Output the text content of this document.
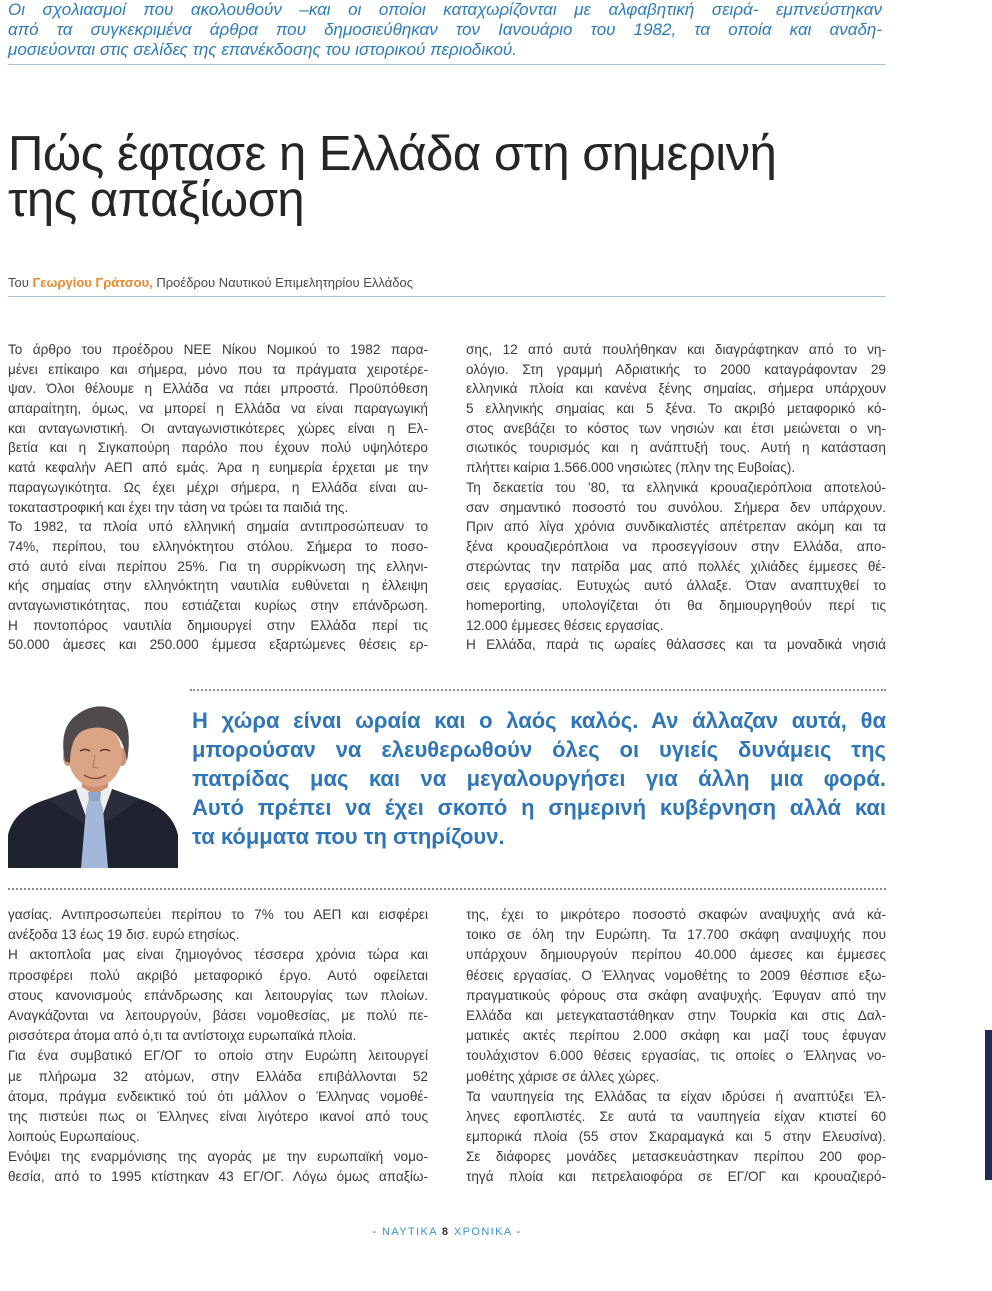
Οι σχολιασμοί που ακολουθούν –και οι οποίοι καταχωρίζονται με αλφαβητική σειρά- εμπνεύστηκαν
από τα συγκεκριμένα άρθρα που δημοσιεύθηκαν τον Ιανουάριο του 1982, τα οποία και αναδη-
μοσιεύονται στις σελίδες της επανέκδοσης του ιστορικού περιοδικού.
Πώς έφτασε η Ελλάδα στη σημερινή
της απαξίωση
Του Γεωργίου Γράτσου, Προέδρου Ναυτικού Επιμελητηρίου Ελλάδος
Το άρθρο του προέδρου ΝΕΕ Νίκου Νομικού το 1982 παρα-
μένει επίκαιρο και σήμερα, μόνο που τα πράγματα χειροτέρε-
ψαν. Όλοι θέλουμε η Ελλάδα να πάει μπροστά. Προϋπόθεση
απαραίτητη, όμως, να μπορεί η Ελλάδα να είναι παραγωγική
και ανταγωνιστική. Οι ανταγωνιστικότερες χώρες είναι η Ελ-
βετία και η Σιγκαπούρη παρόλο που έχουν πολύ υψηλότερο
κατά κεφαλήν ΑΕΠ από εμάς. Άρα η ευημερία έρχεται με την
παραγωγικότητα. Ως έχει μέχρι σήμερα, η Ελλάδα είναι αυ-
τοκαταστροφική και έχει την τάση να τρώει τα παιδιά της.
Το 1982, τα πλοία υπό ελληνική σημαία αντιπροσώπευαν το
74%, περίπου, του ελληνόκτητου στόλου. Σήμερα το ποσο-
στό αυτό είναι περίπου 25%. Για τη συρρίκνωση της ελληνι-
κής σημαίας στην ελληνόκτητη ναυτιλία ευθύνεται η έλλειψη
ανταγωνιστικότητας, που εστιάζεται κυρίως στην επάνδρωση.
Η ποντοπόρος ναυτιλία δημιουργεί στην Ελλάδα περί τις
50.000 άμεσες και 250.000 έμμεσα εξαρτώμενες θέσεις ερ-
σης, 12 από αυτά πουλήθηκαν και διαγράφτηκαν από το νη-
ολόγιο. Στη γραμμή Αδριατικής το 2000 καταγράφονταν 29
ελληνικά πλοία και κανένα ξένης σημαίας, σήμερα υπάρχουν
5 ελληνικής σημαίας και 5 ξένα. Το ακριβό μεταφορικό κό-
στος ανεβάζει το κόστος των νησιών και έτσι μειώνεται ο νη-
σιωτικός τουρισμός και η ανάπτυξή τους. Αυτή η κατάσταση
πλήττει καίρια 1.566.000 νησιώτες (πλην της Ευβοίας).
Τη δεκαετία του ’80, τα ελληνικά κρουαζιερόπλοια αποτελού-
σαν σημαντικό ποσοστό του συνόλου. Σήμερα δεν υπάρχουν.
Πριν από λίγα χρόνια συνδικαλιστές απέτρεπαν ακόμη και τα
ξένα κρουαζιερόπλοια να προσεγγίσουν στην Ελλάδα, απο-
στερώντας την πατρίδα μας από πολλές χιλιάδες έμμεσες θέ-
σεις εργασίας. Ευτυχώς αυτό άλλαξε. Όταν αναπτυχθεί το
homeporting, υπολογίζεται ότι θα δημιουργηθούν περί τις
12.000 έμμεσες θέσεις εργασίας.
Η Ελλάδα, παρά τις ωραίες θάλασσες και τα μοναδικά νησιά
Η χώρα είναι ωραία και ο λαός καλός. Αν άλλαζαν αυτά, θα
μπορούσαν να ελευθερωθούν όλες οι υγιείς δυνάμεις της
πατρίδας μας και να μεγαλουργήσει για άλλη μια φορά.
Αυτό πρέπει να έχει σκοπό η σημερινή κυβέρνηση αλλά και
τα κόμματα που τη στηρίζουν.
γασίας. Αντιπροσωπεύει περίπου το 7% του ΑΕΠ και εισφέρει
ανέξοδα 13 έως 19 δισ. ευρώ ετησίως.
Η ακτοπλοΐα μας είναι ζημιογόνος τέσσερα χρόνια τώρα και
προσφέρει πολύ ακριβό μεταφορικό έργο. Αυτό οφείλεται
στους κανονισμούς επάνδρωσης και λειτουργίας των πλοίων.
Αναγκάζονται να λειτουργούν, βάσει νομοθεσίας, με πολύ πε-
ρισσότερα άτομα από ό,τι τα αντίστοιχα ευρωπαϊκά πλοία.
Για ένα συμβατικό ΕΓ/ΟΓ το οποίο στην Ευρώπη λειτουργεί
με πλήρωμα 32 ατόμων, στην Ελλάδα επιβάλλονται 52
άτομα, πράγμα ενδεικτικό τού ότι μάλλον ο Έλληνας νομοθέ-
της πιστεύει πως οι Έλληνες είναι λιγότερο ικανοί από τους
λοιπούς Ευρωπαίους.
Ενόψει της εναρμόνισης της αγοράς με την ευρωπαϊκή νομο-
θεσία, από το 1995 κτίστηκαν 43 ΕΓ/ΟΓ. Λόγω όμως απαξίω-
της, έχει το μικρότερο ποσοστό σκαφών αναψυχής ανά κά-
τοικο σε όλη την Ευρώπη. Τα 17.700 σκάφη αναψυχής που
υπάρχουν δημιουργούν περίπου 40.000 άμεσες και έμμεσες
θέσεις εργασίας. Ο Έλληνας νομοθέτης το 2009 θέσπισε εξω-
πραγματικούς φόρους στα σκάφη αναψυχής. Έφυγαν από την
Ελλάδα και μετεγκαταστάθηκαν στην Τουρκία και στις Δαλ-
ματικές ακτές περίπου 2.000 σκάφη και μαζί τους έφυγαν
τουλάχιστον 6.000 θέσεις εργασίας, τις οποίες ο Έλληνας νο-
μοθέτης χάρισε σε άλλες χώρες.
Τα ναυπηγεία της Ελλάδας τα είχαν ιδρύσει ή αναπτύξει Έλ-
ληνες εφοπλιστές. Σε αυτά τα ναυπηγεία είχαν κτιστεί 60
εμπορικά πλοία (55 στον Σκαραμαγκά και 5 στην Ελευσίνα).
Σε διάφορες μονάδες μετασκευάστηκαν περίπου 200 φορ-
τηγά πλοία και πετρελαιοφόρα σε ΕΓ/ΟΓ και κρουαζιερό-
- ΝΑΥΤΙΚΑ 8 ΧΡΟΝΙΚΑ -
